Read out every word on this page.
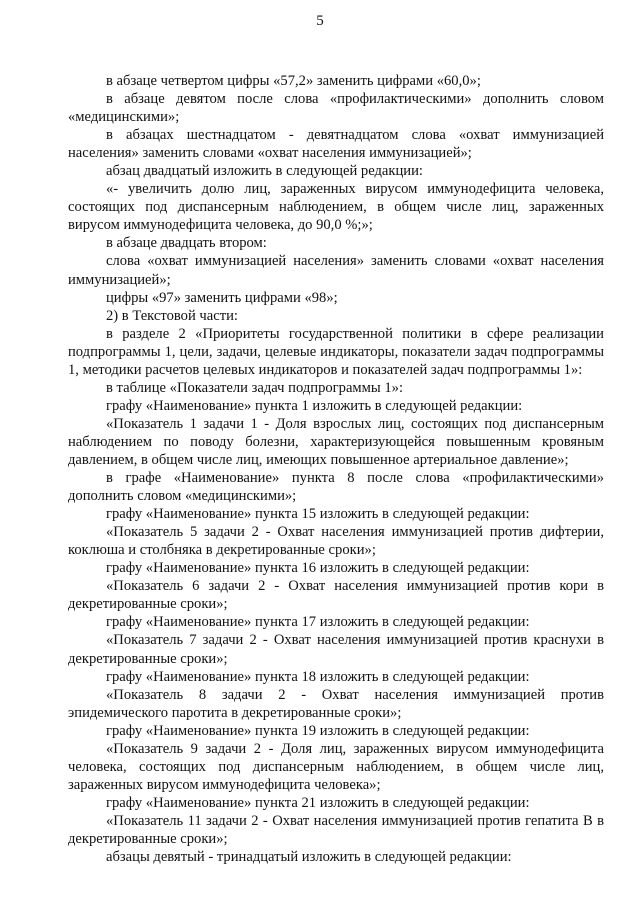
5

в абзаце четвертом цифры «57,2» заменить цифрами «60,0»;

в абзаце девятом после слова «профилактическими» дополнить словом «медицинскими»;

в абзацах шестнадцатом - девятнадцатом слова «охват иммунизацией населения» заменить словами «охват населения иммунизацией»;

абзац двадцатый изложить в следующей редакции:

«- увеличить долю лиц, зараженных вирусом иммунодефицита человека, состоящих под диспансерным наблюдением, в общем числе лиц, зараженных вирусом иммунодефицита человека, до 90,0 %;»;

в абзаце двадцать втором:

слова «охват иммунизацией населения» заменить словами «охват населения иммунизацией»;

цифры «97» заменить цифрами «98»;

2) в Текстовой части:

в разделе 2 «Приоритеты государственной политики в сфере реализации подпрограммы 1, цели, задачи, целевые индикаторы, показатели задач подпрограммы 1, методики расчетов целевых индикаторов и показателей задач подпрограммы 1»:

в таблице «Показатели задач подпрограммы 1»:

графу «Наименование» пункта 1 изложить в следующей редакции:

«Показатель 1 задачи 1 - Доля взрослых лиц, состоящих под диспансерным наблюдением по поводу болезни, характеризующейся повышенным кровяным давлением, в общем числе лиц, имеющих повышенное артериальное давление»;

в графе «Наименование» пункта 8 после слова «профилактическими» дополнить словом «медицинскими»;

графу «Наименование» пункта 15 изложить в следующей редакции:

«Показатель 5 задачи 2 - Охват населения иммунизацией против дифтерии, коклюша и столбняка в декретированные сроки»;

графу «Наименование» пункта 16 изложить в следующей редакции:

«Показатель 6 задачи 2 - Охват населения иммунизацией против кори в декретированные сроки»;

графу «Наименование» пункта 17 изложить в следующей редакции:

«Показатель 7 задачи 2 - Охват населения иммунизацией против краснухи в декретированные сроки»;

графу «Наименование» пункта 18 изложить в следующей редакции:

«Показатель 8 задачи 2 - Охват населения иммунизацией против эпидемического паротита в декретированные сроки»;

графу «Наименование» пункта 19 изложить в следующей редакции:

«Показатель 9 задачи 2 - Доля лиц, зараженных вирусом иммунодефицита человека, состоящих под диспансерным наблюдением, в общем числе лиц, зараженных вирусом иммунодефицита человека»;

графу «Наименование» пункта 21 изложить в следующей редакции:

«Показатель 11 задачи 2 - Охват населения иммунизацией против гепатита В в декретированные сроки»;

абзацы девятый - тринадцатый изложить в следующей редакции:
